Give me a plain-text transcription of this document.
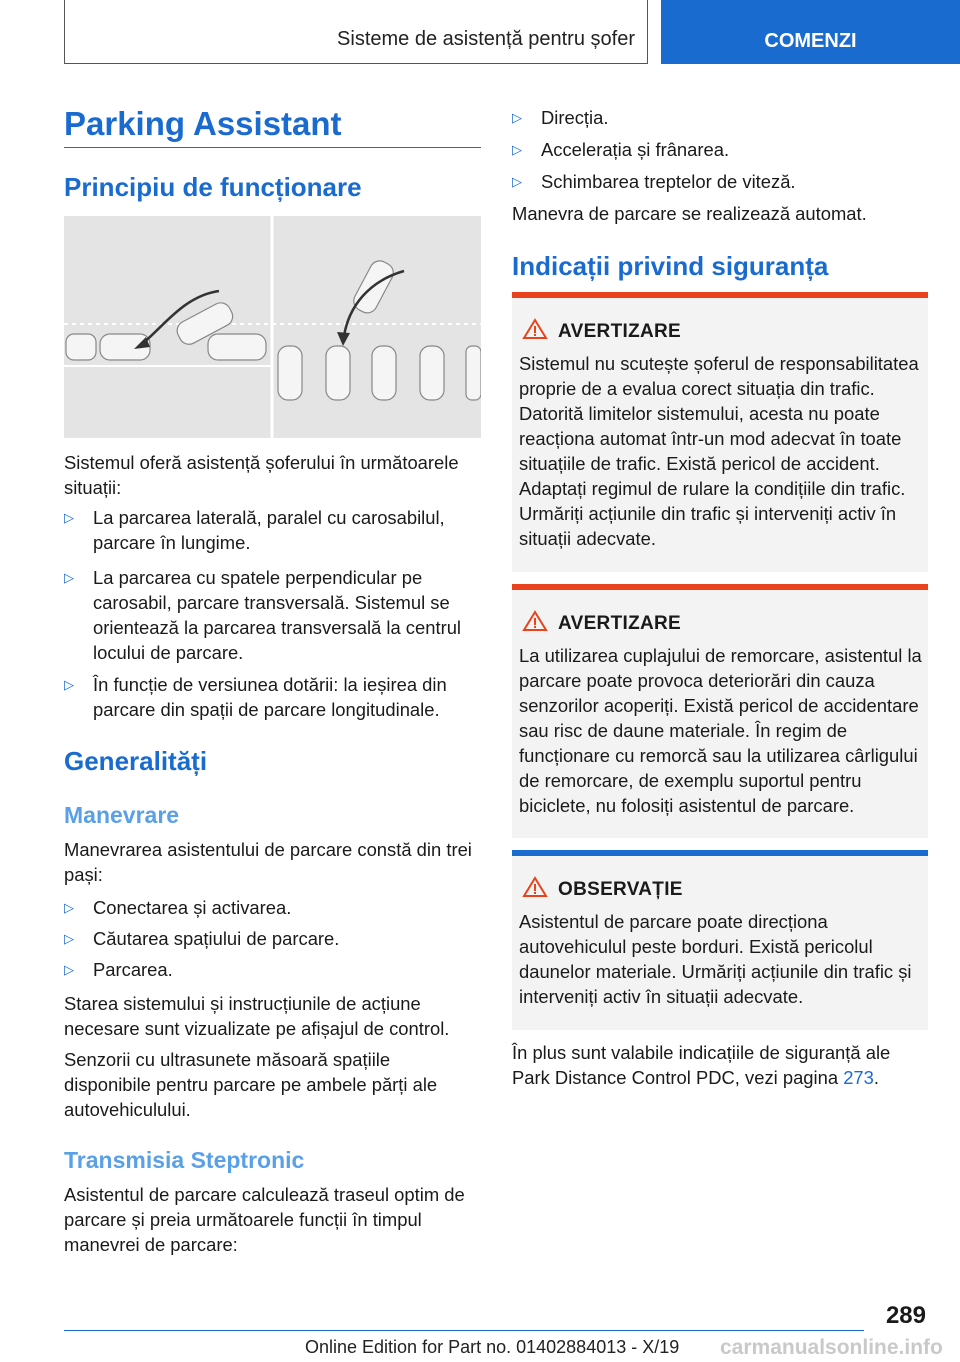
Sisteme de asistență pentru șofer	COMENZI
Parking Assistant
Principiu de funcționare

Sistemul oferă asistență șoferului în următoarele situații:

▷ La parcarea laterală, paralel cu carosabilul, parcare în lungime.
▷ La parcarea cu spatele perpendicular pe carosabil, parcare transversală. Sistemul se orientează la parcarea transversală la centrul locului de parcare.
▷ În funcție de versiunea dotării: la ieșirea din parcare din spații de parcare longitudinale.
Generalități
Manevrare

Manevrarea asistentului de parcare constă din trei pași:

▷ Conectarea și activarea.
▷ Căutarea spațiului de parcare.
▷ Parcarea.

Starea sistemului și instrucțiunile de acțiune necesare sunt vizualizate pe afișajul de control.

Senzorii cu ultrasunete măsoară spațiile disponibile pentru parcare pe ambele părți ale autovehiculului.

Transmisia Steptronic

Asistentul de parcare calculează traseul optim de parcare și preia următoarele funcții în timpul manevrei de parcare:

▷ Direcția.
▷ Accelerația și frânarea.
▷ Schimbarea treptelor de viteză.

Manevra de parcare se realizează automat.

Indicații privind siguranța
AVERTIZARE
Sistemul nu scutește șoferul de responsabilitatea proprie de a evalua corect situația din trafic. Datorită limitelor sistemului, acesta nu poate reacționa automat într-un mod adecvat în toate situațiile de trafic. Există pericol de accident. Adaptați regimul de rulare la condițiile din trafic. Urmăriți acțiunile din trafic și interveniți activ în situații adecvate.
AVERTIZARE
La utilizarea cuplajului de remorcare, asistentul la parcare poate provoca deteriorări din cauza senzorilor acoperiți. Există pericol de accidentare sau risc de daune materiale. În regim de funcționare cu remorcă sau la utilizarea cârligului de remorcare, de exemplu suportul pentru biciclete, nu folosiți asistentul de parcare.
OBSERVAȚIE
Asistentul de parcare poate direcționa autovehiculul peste borduri. Există pericolul daunelor materiale. Urmăriți acțiunile din trafic și interveniți activ în situații adecvate.

În plus sunt valabile indicațiile de siguranță ale Park Distance Control PDC, vezi pagina 273.

289
Online Edition for Part no. 01402884013 - X/19 carmanualsonline.info
